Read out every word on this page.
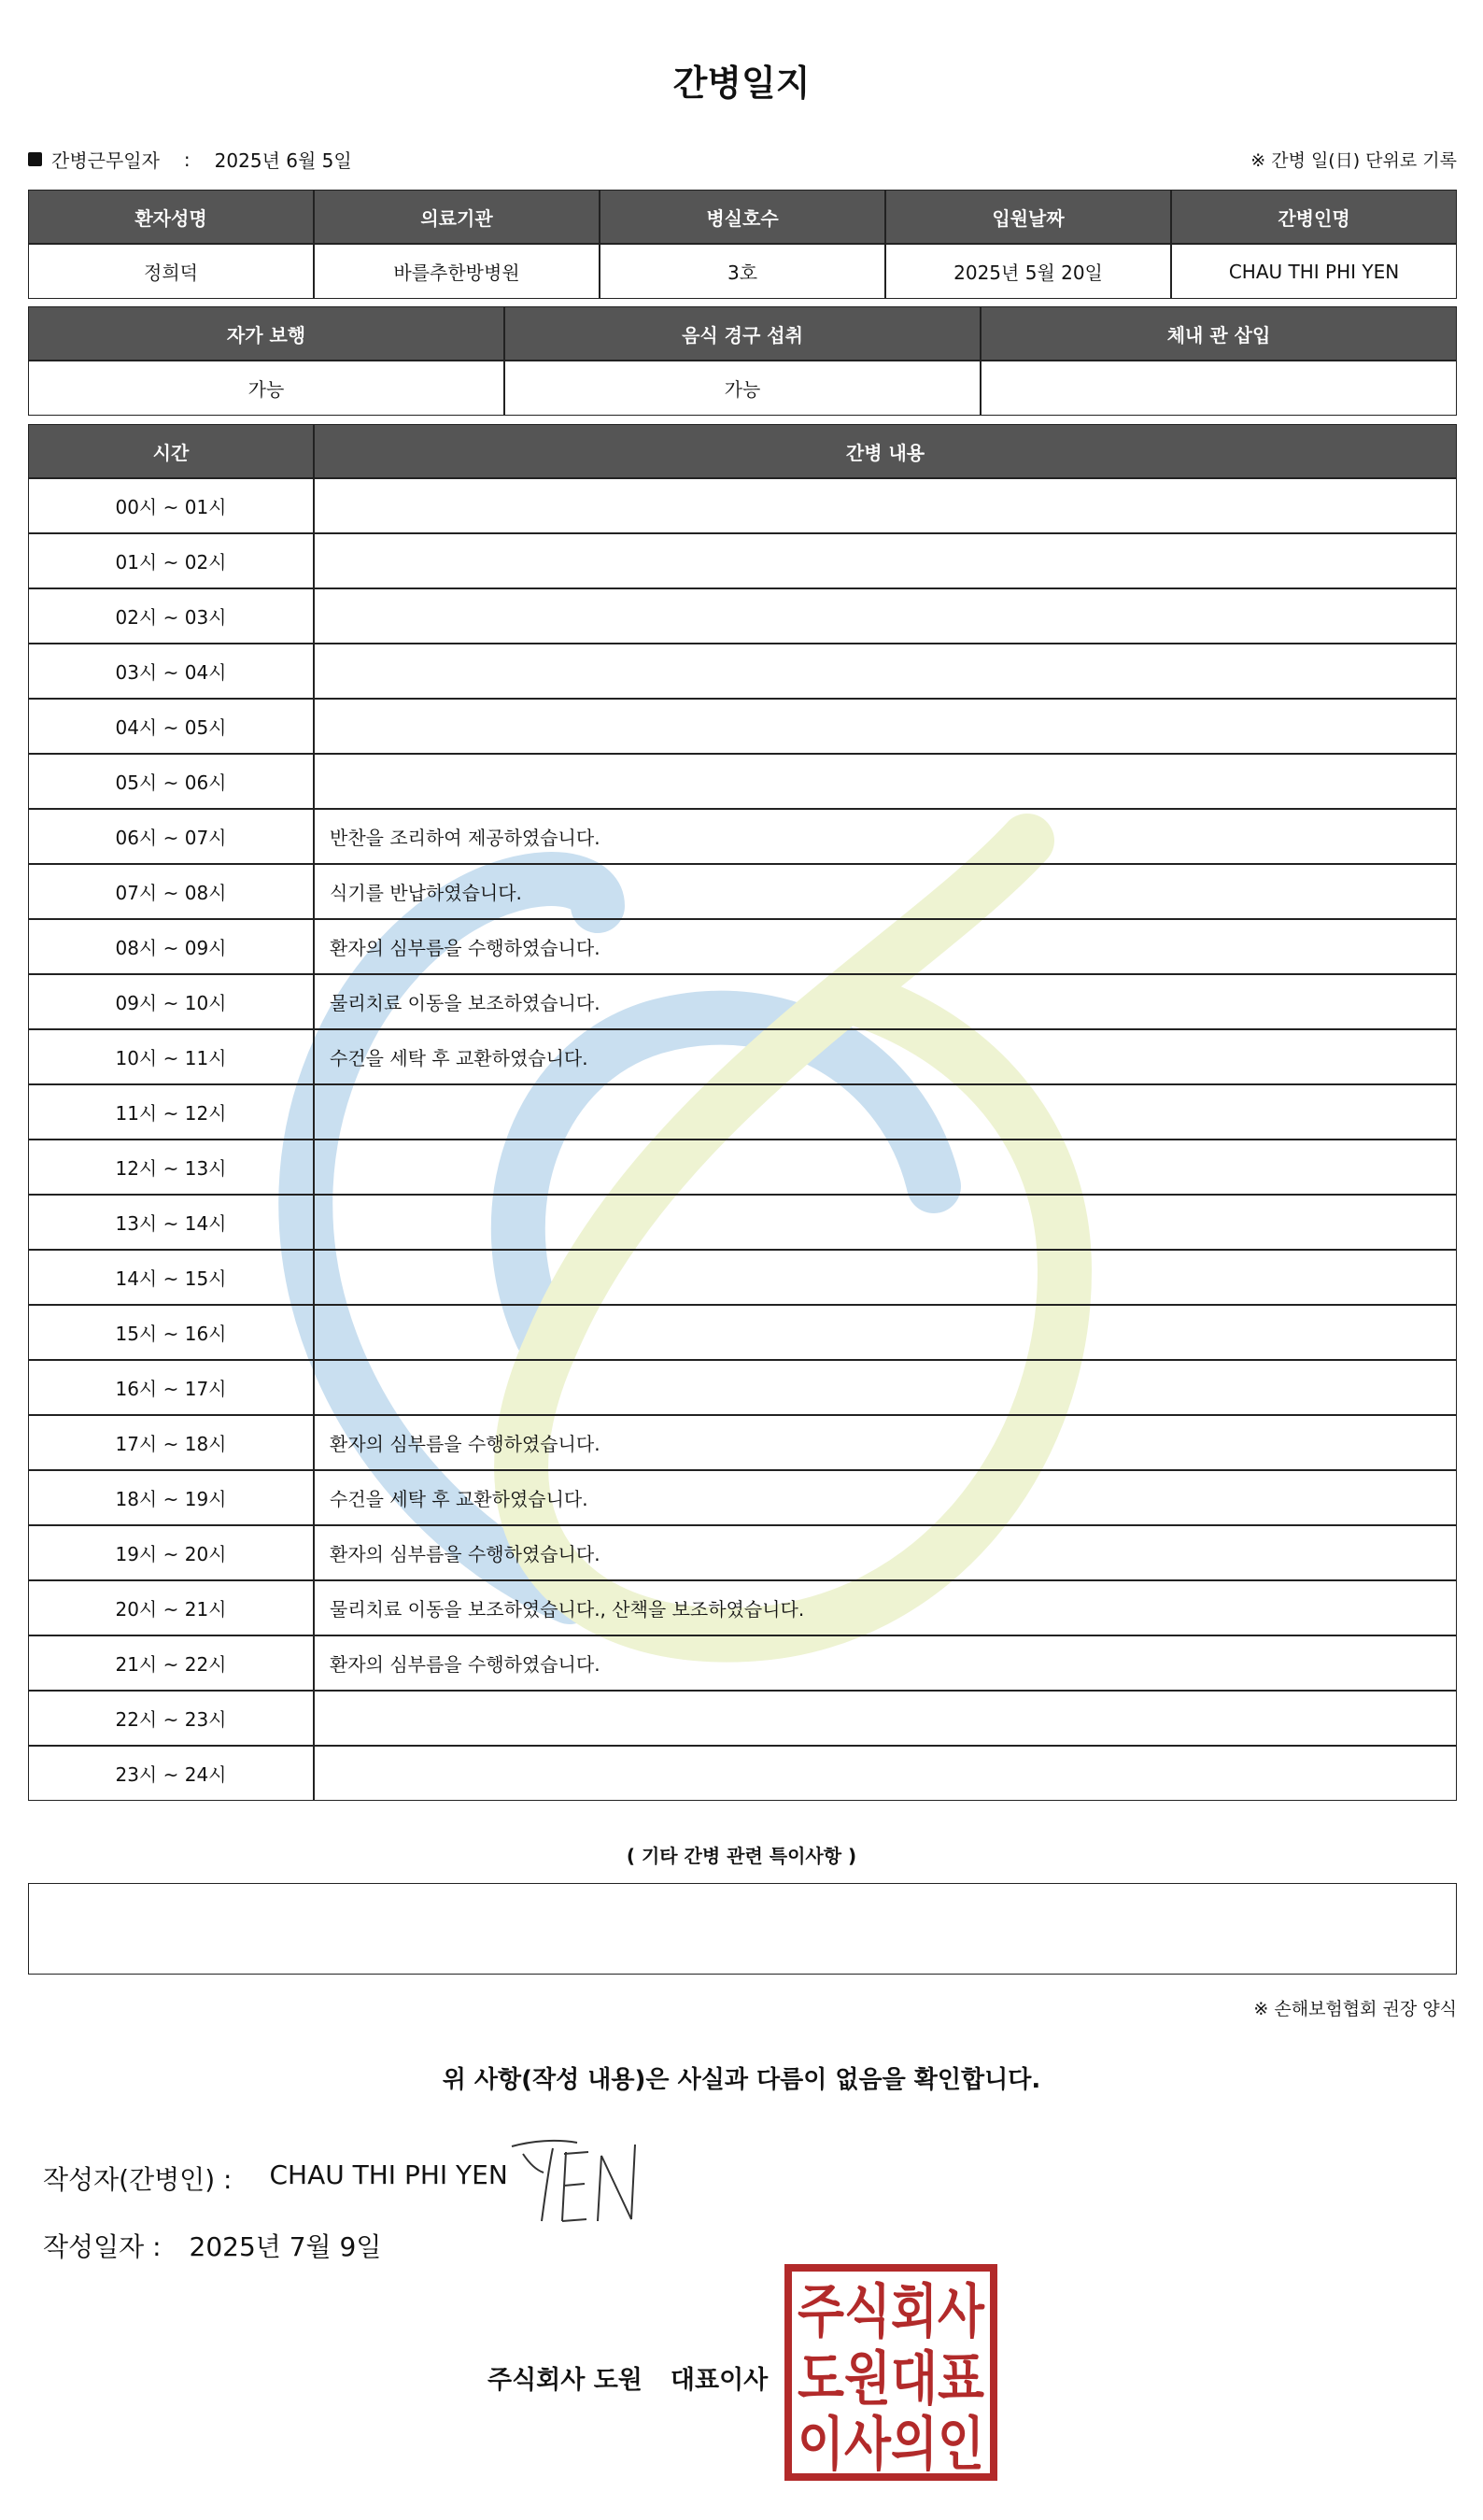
간병일지
간병근무일자 : 2025년 6월 5일	※ 간병 일(日) 단위로 기록
환자성명	의료기관	병실호수	입원날짜	간병인명
정희덕	바를추한방병원	3호	2025년 5월 20일	CHAU THI PHI YEN
자가 보행	음식 경구 섭취	체내 관 삽입
가능	가능	
시간	간병 내용
00시 ~ 01시	
01시 ~ 02시	
02시 ~ 03시	
03시 ~ 04시	
04시 ~ 05시	
05시 ~ 06시	
06시 ~ 07시	반찬을 조리하여 제공하였습니다.
07시 ~ 08시	식기를 반납하였습니다.
08시 ~ 09시	환자의 심부름을 수행하였습니다.
09시 ~ 10시	물리치료 이동을 보조하였습니다.
10시 ~ 11시	수건을 세탁 후 교환하였습니다.
11시 ~ 12시	
12시 ~ 13시	
13시 ~ 14시	
14시 ~ 15시	
15시 ~ 16시	
16시 ~ 17시	
17시 ~ 18시	환자의 심부름을 수행하였습니다.
18시 ~ 19시	수건을 세탁 후 교환하였습니다.
19시 ~ 20시	환자의 심부름을 수행하였습니다.
20시 ~ 21시	물리치료 이동을 보조하였습니다., 산책을 보조하였습니다.
21시 ~ 22시	환자의 심부름을 수행하였습니다.
22시 ~ 23시	
23시 ~ 24시	
( 기타 간병 관련 특이사항 )
※ 손해보험협회 권장 양식
위 사항(작성 내용)은 사실과 다름이 없음을 확인합니다.
작성자(간병인) : CHAU THI PHI YEN
작성일자 : 2025년 7월 9일
주식회사 도원 대표이사
주식회사
도원대표
이사의인
